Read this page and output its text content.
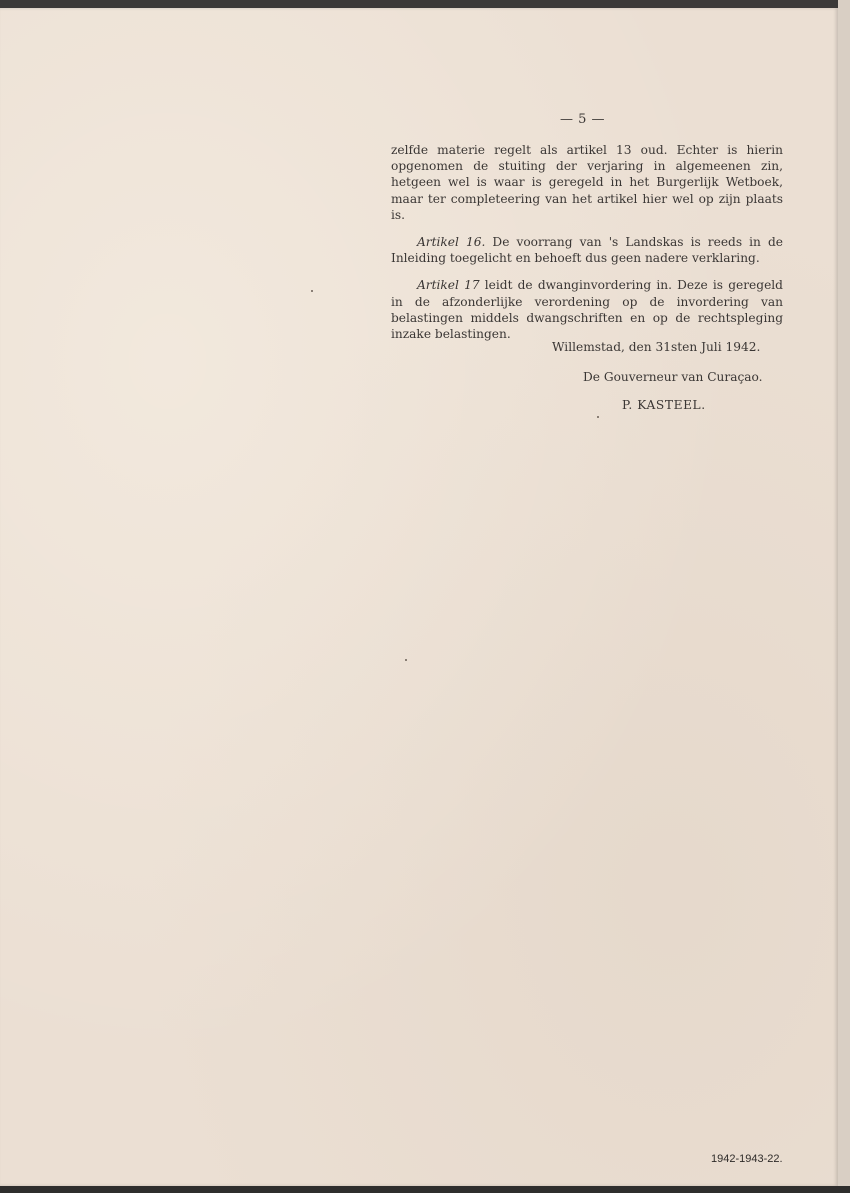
— 5 —

zelfde materie regelt als artikel 13 oud. Echter is hierin opgenomen de stuiting der verjaring in algemeenen zin, hetgeen wel is waar is geregeld in het Burgerlijk Wetboek, maar ter completeering van het artikel hier wel op zijn plaats is.

Artikel 16. De voorrang van 's Landskas is reeds in de Inleiding toegelicht en behoeft dus geen nadere verklaring.

Artikel 17 leidt de dwanginvordering in. Deze is geregeld in de afzonderlijke verordening op de invordering van belastingen middels dwangschriften en op de rechtspleging inzake belastingen.

Willemstad, den 31sten Juli 1942.
De Gouverneur van Curaçao.
P. KASTEEL.
1942-1943-22.
